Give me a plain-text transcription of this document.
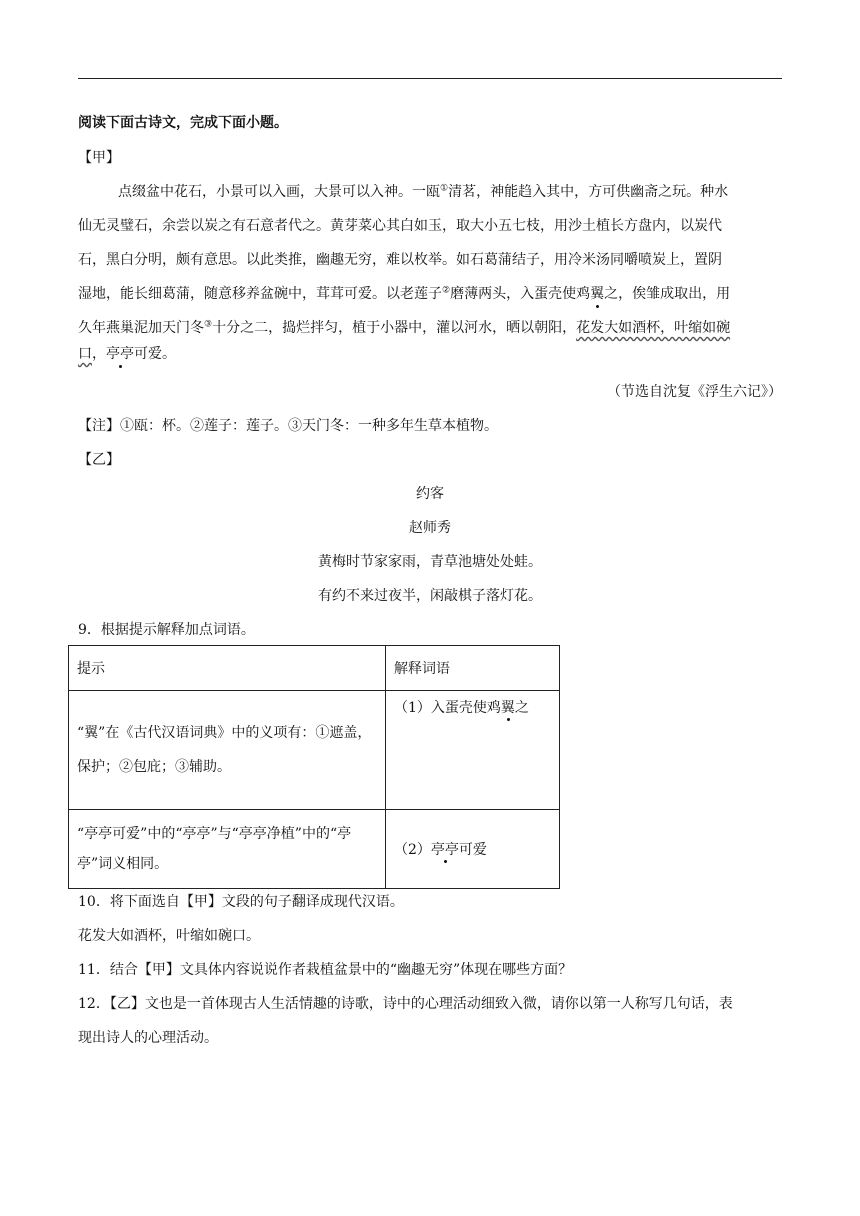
阅读下面古诗文，完成下面小题。
【甲】
点缀盆中花石，小景可以入画，大景可以入神。一瓯①清茗，神能趋入其中，方可供幽斋之玩。种水
仙无灵璧石，余尝以炭之有石意者代之。黄芽菜心其白如玉，取大小五七枝，用沙土植长方盘内，以炭代
石，黑白分明，颇有意思。以此类推，幽趣无穷，难以枚举。如石葛蒲结子，用冷米汤同嚼喷炭上，置阴
湿地，能长细葛蒲，随意移养盆碗中，茸茸可爱。以老莲子②磨薄两头，入蛋壳使鸡翼之，俟雏成取出，用
久年燕巢泥加天门冬③十分之二，捣烂拌匀，植于小器中，灌以河水，晒以朝阳，花发大如酒杯，叶缩如碗
口，亭亭可爱。
（节选自沈复《浮生六记》）
【注】①瓯：杯。②莲子：莲子。③天门冬：一种多年生草本植物。
【乙】
约客
赵师秀
黄梅时节家家雨，青草池塘处处蛙。
有约不来过夜半，闲敲棋子落灯花。
9．根据提示解释加点词语。
提示	解释词语
“翼”在《古代汉语词典》中的义项有：①遮盖，保护；②包庇；③辅助。	（1）入蛋壳使鸡翼之
“亭亭可爱”中的“亭亭”与“亭亭净植”中的“亭亭”词义相同。	（2）亭亭可爱
10．将下面选自【甲】文段的句子翻译成现代汉语。
花发大如酒杯，叶缩如碗口。
11．结合【甲】文具体内容说说作者栽植盆景中的“幽趣无穷”体现在哪些方面？
12．【乙】文也是一首体现古人生活情趣的诗歌，诗中的心理活动细致入微，请你以第一人称写几句话，表
现出诗人的心理活动。
